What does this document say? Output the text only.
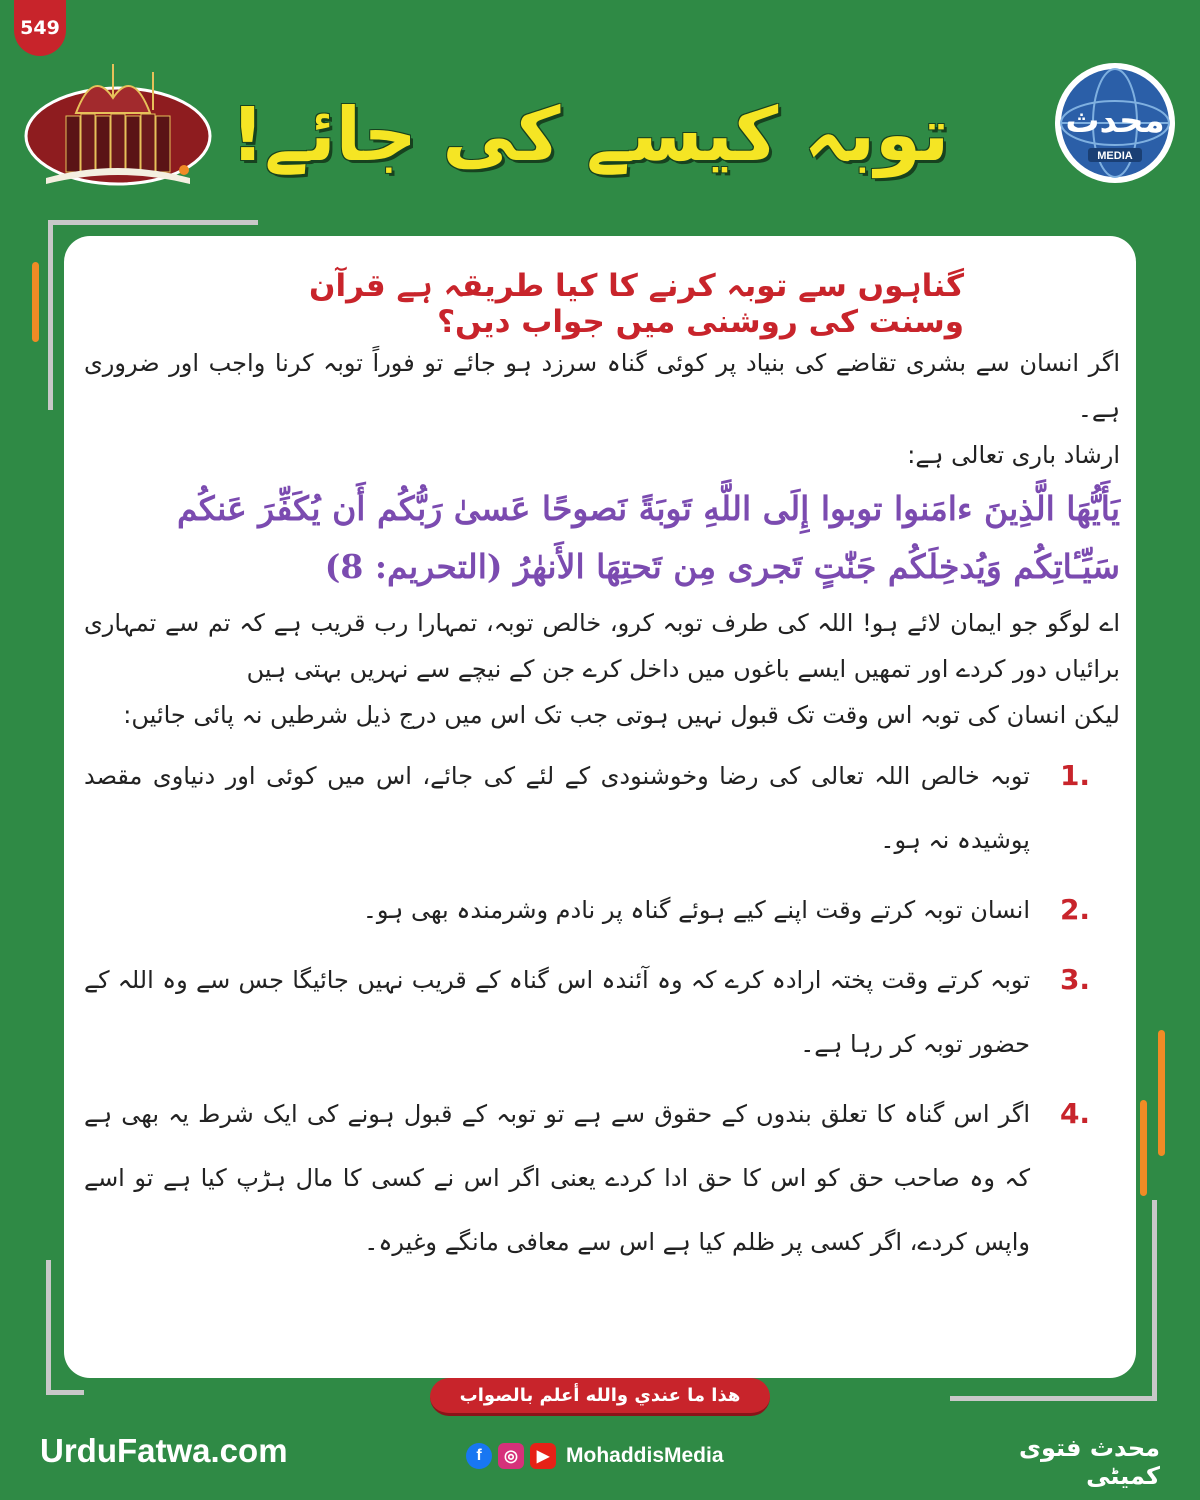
549
توبہ کیسے کی جائے!	محدث
MEDIA
گناہوں سے توبہ کرنے کا کیا طریقہ ہے قرآن وسنت کی روشنی میں جواب دیں؟

اگر انسان سے بشری تقاضے کی بنیاد پر کوئی گناہ سرزد ہو جائے تو فوراً توبہ کرنا واجب اور ضروری ہے۔

ارشاد باری تعالی ہے:

يَأَيُّهَا الَّذِينَ ءامَنوا توبوا إِلَى اللَّهِ تَوبَةً نَصوحًا عَسىٰ رَبُّكُم أَن يُكَفِّرَ عَنكُم سَيِّـٔاتِكُم وَيُدخِلَكُم جَنّٰتٍ تَجرى مِن تَحتِهَا الأَنهٰرُ (التحريم: 8)

اے لوگو جو ایمان لائے ہو! اللہ کی طرف توبہ کرو، خالص توبہ، تمہارا رب قریب ہے کہ تم سے تمہاری برائیاں دور کردے اور تمھیں ایسے باغوں میں داخل کرے جن کے نیچے سے نہریں بہتی ہیں

لیکن انسان کی توبہ اس وقت تک قبول نہیں ہوتی جب تک اس میں درج ذیل شرطیں نہ پائی جائیں:

1.
توبہ خالص اللہ تعالی کی رضا وخوشنودی کے لئے کی جائے، اس میں کوئی اور دنیاوی مقصد پوشیدہ نہ ہو۔
2.
انسان توبہ کرتے وقت اپنے کیے ہوئے گناہ پر نادم وشرمندہ بھی ہو۔
3.
توبہ کرتے وقت پختہ ارادہ کرے کہ وہ آئندہ اس گناہ کے قریب نہیں جائیگا جس سے وہ اللہ کے حضور توبہ کر رہا ہے۔
4.
اگر اس گناہ کا تعلق بندوں کے حقوق سے ہے تو توبہ کے قبول ہونے کی ایک شرط یہ بھی ہے کہ وہ صاحب حق کو اس کا حق ادا کردے یعنی اگر اس نے کسی کا مال ہڑپ کیا ہے تو اسے واپس کردے، اگر کسی پر ظلم کیا ہے اس سے معافی مانگے وغیرہ۔
هذا ما عندي والله أعلم بالصواب
UrduFatwa.com	f	◎	▶ MohaddisMedia	محدث فتوی کمیٹی
